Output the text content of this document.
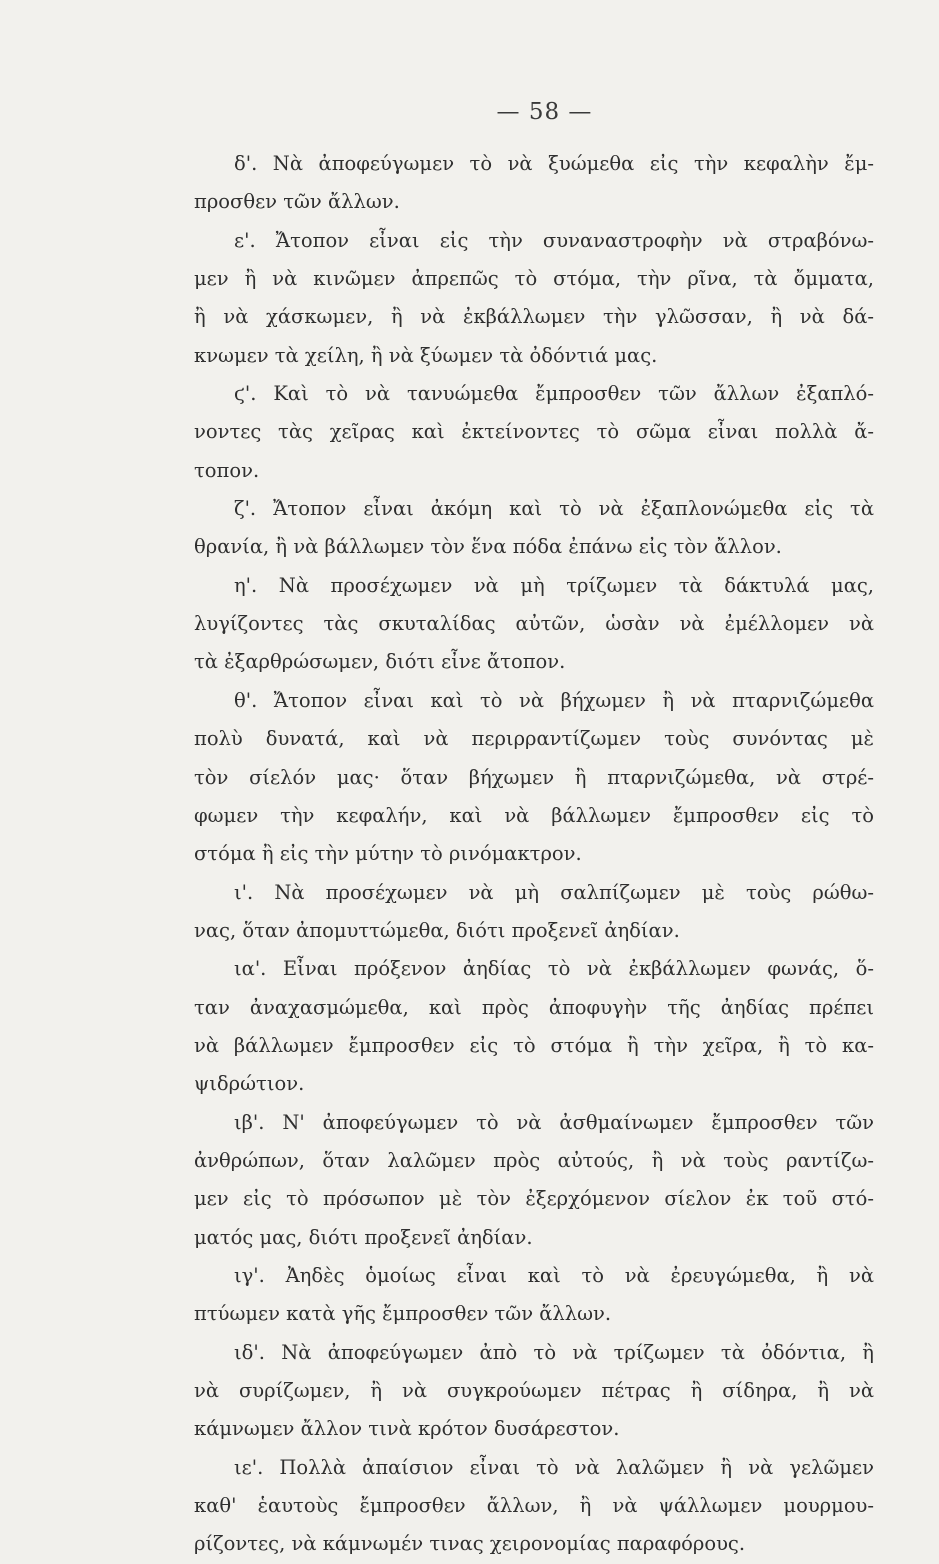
— 58 —
δ'. Νὰ ἀποφεύγωμεν τὸ νὰ ξυώμεθα εἰς τὴν κεφαλὴν ἔμ-
προσθεν τῶν ἄλλων.
ε'. Ἄτοπον εἶναι εἰς τὴν συναναστροφὴν νὰ στραβόνω-
μεν ἢ νὰ κινῶμεν ἀπρεπῶς τὸ στόμα, τὴν ρῖνα, τὰ ὄμματα,
ἢ νὰ χάσκωμεν, ἢ νὰ ἐκβάλλωμεν τὴν γλῶσσαν, ἢ νὰ δά-
κνωμεν τὰ χείλη, ἢ νὰ ξύωμεν τὰ ὀδόντιά μας.
ϛ'. Καὶ τὸ νὰ τανυώμεθα ἔμπροσθεν τῶν ἄλλων ἐξαπλό-
νοντες τὰς χεῖρας καὶ ἐκτείνοντες τὸ σῶμα εἶναι πολλὰ ἄ-
τοπον.
ζ'. Ἄτοπον εἶναι ἀκόμη καὶ τὸ νὰ ἐξαπλονώμεθα εἰς τὰ
θρανία, ἢ νὰ βάλλωμεν τὸν ἕνα πόδα ἐπάνω εἰς τὸν ἄλλον.
η'. Νὰ προσέχωμεν νὰ μὴ τρίζωμεν τὰ δάκτυλά μας,
λυγίζοντες τὰς σκυταλίδας αὐτῶν, ὡσὰν νὰ ἐμέλλομεν νὰ
τὰ ἐξαρθρώσωμεν, διότι εἶνε ἄτοπον.
θ'. Ἄτοπον εἶναι καὶ τὸ νὰ βήχωμεν ἢ νὰ πταρνιζώμεθα
πολὺ δυνατά, καὶ νὰ περιρραντίζωμεν τοὺς συνόντας μὲ
τὸν σίελόν μας· ὅταν βήχωμεν ἢ πταρνιζώμεθα, νὰ στρέ-
φωμεν τὴν κεφαλήν, καὶ νὰ βάλλωμεν ἔμπροσθεν εἰς τὸ
στόμα ἢ εἰς τὴν μύτην τὸ ρινόμακτρον.
ι'. Νὰ προσέχωμεν νὰ μὴ σαλπίζωμεν μὲ τοὺς ρώθω-
νας, ὅταν ἀπομυττώμεθα, διότι προξενεῖ ἀηδίαν.
ια'. Εἶναι πρόξενον ἀηδίας τὸ νὰ ἐκβάλλωμεν φωνάς, ὅ-
ταν ἀναχασμώμεθα, καὶ πρὸς ἀποφυγὴν τῆς ἀηδίας πρέπει
νὰ βάλλωμεν ἔμπροσθεν εἰς τὸ στόμα ἢ τὴν χεῖρα, ἢ τὸ κα-
ψιδρώτιον.
ιβ'. Ν' ἀποφεύγωμεν τὸ νὰ ἀσθμαίνωμεν ἔμπροσθεν τῶν
ἀνθρώπων, ὅταν λαλῶμεν πρὸς αὐτούς, ἢ νὰ τοὺς ραντίζω-
μεν εἰς τὸ πρόσωπον μὲ τὸν ἐξερχόμενον σίελον ἐκ τοῦ στό-
ματός μας, διότι προξενεῖ ἀηδίαν.
ιγ'. Ἀηδὲς ὁμοίως εἶναι καὶ τὸ νὰ ἐρευγώμεθα, ἢ νὰ
πτύωμεν κατὰ γῆς ἔμπροσθεν τῶν ἄλλων.
ιδ'. Νὰ ἀποφεύγωμεν ἀπὸ τὸ νὰ τρίζωμεν τὰ ὀδόντια, ἢ
νὰ συρίζωμεν, ἢ νὰ συγκρούωμεν πέτρας ἢ σίδηρα, ἢ νὰ
κάμνωμεν ἄλλον τινὰ κρότον δυσάρεστον.
ιε'. Πολλὰ ἀπαίσιον εἶναι τὸ νὰ λαλῶμεν ἢ νὰ γελῶμεν
καθ' ἑαυτοὺς ἔμπροσθεν ἄλλων, ἢ νὰ ψάλλωμεν μουρμου-
ρίζοντες, νὰ κάμνωμέν τινας χειρονομίας παραφόρους.
